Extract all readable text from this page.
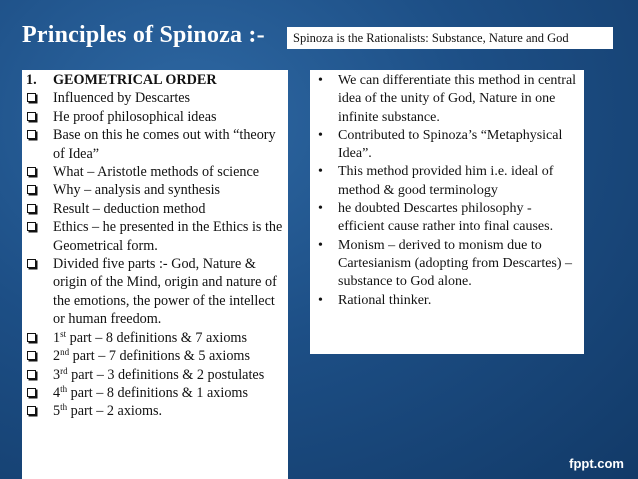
Principles of Spinoza :-	Spinoza is the Rationalists: Substance, Nature and God
1.	GEOMETRICAL ORDER
Influenced by Descartes
He proof philosophical ideas
Base on this he comes out with “theory of Idea”
What – Aristotle methods of science
Why – analysis and synthesis
Result – deduction method
Ethics – he presented in the Ethics is the Geometrical form.
Divided five parts :- God, Nature & origin of the Mind, origin and nature of the emotions, the power of the intellect or human freedom.
1st part – 8 definitions & 7 axioms
2nd part – 7 definitions & 5 axioms
3rd part – 3 definitions & 2 postulates
4th part – 8 definitions & 1 axioms
5th part – 2 axioms.
•	We can differentiate this method in central idea of the unity of God, Nature in one infinite substance.
•	Contributed to Spinoza’s “Metaphysical Idea”.
•	This method provided him i.e. ideal of method & good terminology
•	he doubted Descartes philosophy - efficient cause rather into final causes.
•	Monism – derived to monism due to Cartesianism (adopting from Descartes) – substance to God alone.
•	Rational thinker.
fppt.com
